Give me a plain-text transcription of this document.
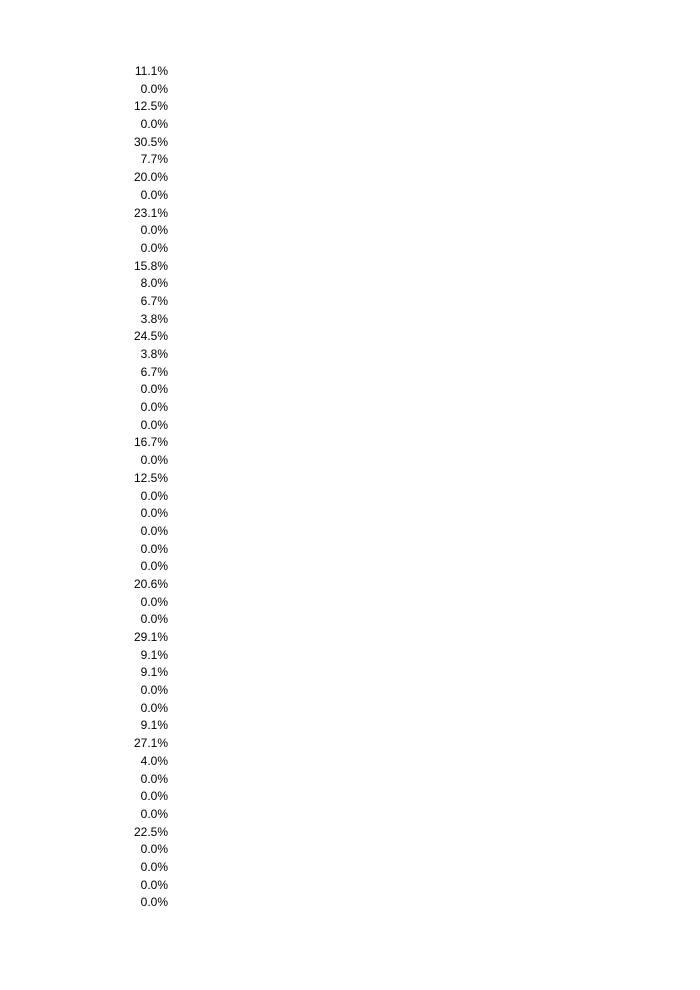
11.1%
0.0%
12.5%
0.0%
30.5%
7.7%
20.0%
0.0%
23.1%
0.0%
0.0%
15.8%
8.0%
6.7%
3.8%
24.5%
3.8%
6.7%
0.0%
0.0%
0.0%
16.7%
0.0%
12.5%
0.0%
0.0%
0.0%
0.0%
0.0%
20.6%
0.0%
0.0%
29.1%
9.1%
9.1%
0.0%
0.0%
9.1%
27.1%
4.0%
0.0%
0.0%
0.0%
22.5%
0.0%
0.0%
0.0%
0.0%
